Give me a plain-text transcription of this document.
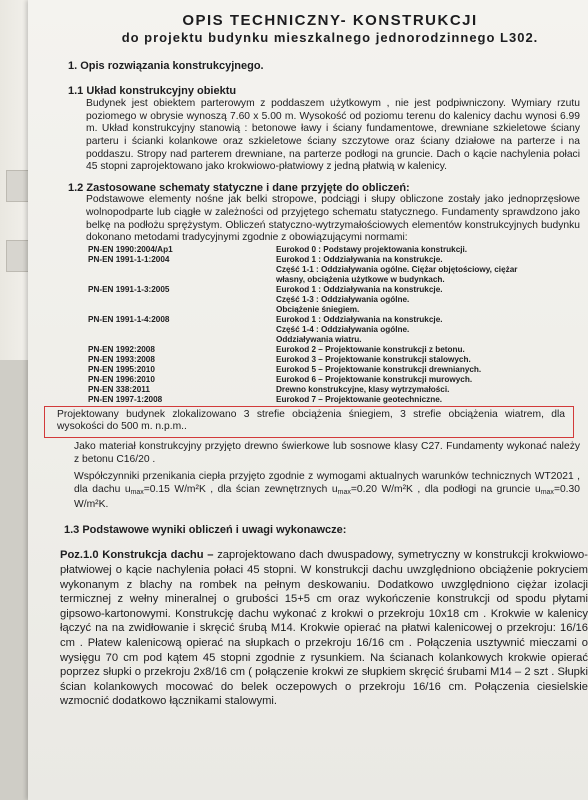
OPIS TECHNICZNY- KONSTRUKCJI
do projektu budynku mieszkalnego jednorodzinnego L302.
1. Opis rozwiązania konstrukcyjnego.
1.1 Układ konstrukcyjny obiektu

Budynek jest obiektem parterowym z poddaszem użytkowym , nie jest podpiwniczony. Wymiary rzutu poziomego w obrysie wynoszą 7.60 x 5.00 m. Wysokość od poziomu terenu do kalenicy dachu wynosi 6.99 m. Układ konstrukcyjny stanowią : betonowe ławy i ściany fundamentowe, drewniane szkieletowe ściany parteru i ścianki kolankowe oraz szkieletowe ściany szczytowe oraz ściany działowe na parterze i na poddaszu. Stropy nad parterem drewniane, na parterze podłogi na gruncie. Dach o kącie nachylenia połaci 45 stopni zaprojektowano jako krokwiowo-płatwiowy z jedną płatwią w kalenicy.

1.2 Zastosowane schematy statyczne i dane przyjęte do obliczeń:

Podstawowe elementy nośne jak belki stropowe, podciągi i słupy obliczone zostały jako jednoprzęsłowe wolnopodparte lub ciągłe w zależności od przyjętego schematu statycznego. Fundamenty sprawdzono jako belkę na podłożu sprężystym. Obliczeń statyczno-wytrzymałościowych elementów konstrukcyjnych budynku dokonano metodami tradycyjnymi zgodnie z obowiązującymi normami:

PN-EN 1990:2004/Ap1	Eurokod 0 : Podstawy projektowania konstrukcji.
PN-EN 1991-1-1:2004	Eurokod 1 : Oddziaływania na konstrukcje.
Część 1-1 : Oddziaływania ogólne. Ciężar objętościowy, ciężar
własny, obciążenia użytkowe w budynkach.
PN-EN 1991-1-3:2005	Eurokod 1 : Oddziaływania na konstrukcje.
Część 1-3 : Oddziaływania ogólne.
Obciążenie śniegiem.
PN-EN 1991-1-4:2008	Eurokod 1 : Oddziaływania na konstrukcje.
Część 1-4 : Oddziaływania ogólne.
Oddziaływania wiatru.
PN-EN 1992:2008	Eurokod 2 – Projektowanie konstrukcji z betonu.
PN-EN 1993:2008	Eurokod 3 – Projektowanie konstrukcji stalowych.
PN-EN 1995:2010	Eurokod 5 – Projektowanie konstrukcji drewnianych.
PN-EN 1996:2010	Eurokod 6 – Projektowanie konstrukcji murowych.
PN-EN 338:2011	Drewno konstrukcyjne, klasy wytrzymałości.
PN-EN 1997-1:2008	Eurokod 7 – Projektowanie geotechniczne.
Projektowany budynek zlokalizowano 3 strefie obciążenia śniegiem, 3 strefie obciążenia wiatrem, dla wysokości do 500 m. n.p.m..

Jako materiał konstrukcyjny przyjęto drewno świerkowe lub sosnowe klasy C27. Fundamenty wykonać należy z betonu C16/20 .

Współczynniki przenikania ciepła przyjęto zgodnie z wymogami aktualnych warunków technicznych WT2021 , dla dachu $u_{max}=0.15$ W/m²K , dla ścian zewnętrznych $u_{max}=0.20$ W/m²K , dla podłogi na gruncie $u_{max}=0.30$ W/m²K.

1.3 Podstawowe wyniki obliczeń i uwagi wykonawcze:

Poz.1.0 Konstrukcja dachu – zaprojektowano dach dwuspadowy, symetryczny w konstrukcji krokwiowo-płatwiowej o kącie nachylenia połaci 45 stopni. W konstrukcji dachu uwzględniono obciążenie pokryciem wykonanym z blachy na rombek na pełnym deskowaniu. Dodatkowo uwzględniono ciężar izolacji termicznej z wełny mineralnej o grubości 15+5 cm oraz wykończenie konstrukcji od spodu płytami gipsowo-kartonowymi. Konstrukcję dachu wykonać z krokwi o przekroju 10x18 cm . Krokwie w kalenicy łączyć na na zwidłowanie i skręcić śrubą M14. Krokwie opierać na płatwi kalenicowej o przekroju: 16/16 cm . Płatew kalenicową opierać na słupkach o przekroju 16/16 cm . Połączenia usztywnić mieczami o wysięgu 70 cm pod kątem 45 stopni zgodnie z rysunkiem. Na ścianach kolankowych krokwie opierać poprzez słupki o przekroju 2x8/16 cm ( połączenie krokwi ze słupkiem skręcić śrubami M14 – 2 szt . Słupki ścian kolankowych mocować do belek oczepowych o przekroju 16/16 cm. Połączenia ciesielskie wzmocnić dodatkowo łącznikami stalowymi.
